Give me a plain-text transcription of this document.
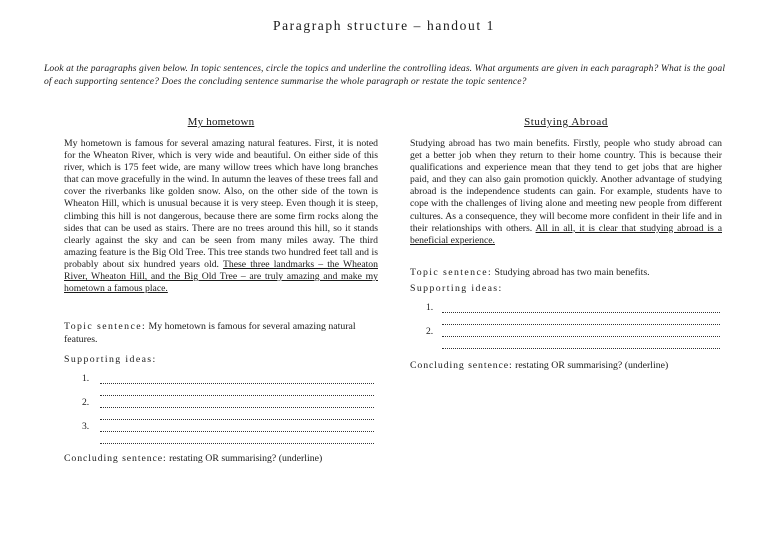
Paragraph structure – handout 1
Look at the paragraphs given below. In topic sentences, circle the topics and underline the controlling ideas. What arguments are given in each paragraph? What is the goal of each supporting sentence? Does the concluding sentence summarise the whole paragraph or restate the topic sentence?
My hometown

My hometown is famous for several amazing natural features. First, it is noted for the Wheaton River, which is very wide and beautiful. On either side of this river, which is 175 feet wide, are many willow trees which have long branches that can move gracefully in the wind. In autumn the leaves of these trees fall and cover the riverbanks like golden snow. Also, on the other side of the town is Wheaton Hill, which is unusual because it is very steep. Even though it is steep, climbing this hill is not dangerous, because there are some firm rocks along the sides that can be used as stairs. There are no trees around this hill, so it stands clearly against the sky and can be seen from many miles away. The third amazing feature is the Big Old Tree. This tree stands two hundred feet tall and is probably about six hundred years old. These three landmarks – the Wheaton River, Wheaton Hill, and the Big Old Tree – are truly amazing and make my hometown a famous place.

Topic sentence: My hometown is famous for several amazing natural features.

Supporting ideas:

1.
2.
3.

Concluding sentence: restating OR summarising? (underline)

Studying Abroad

Studying abroad has two main benefits. Firstly, people who study abroad can get a better job when they return to their home country. This is because their qualifications and experience mean that they tend to get jobs that are higher paid, and they can also gain promotion quickly. Another advantage of studying abroad is the independence students can gain. For example, students have to cope with the challenges of living alone and meeting new people from different cultures. As a consequence, they will become more confident in their life and in their relationships with others. All in all, it is clear that studying abroad is a beneficial experience.

Topic sentence: Studying abroad has two main benefits.

Supporting ideas:

1.
2.

Concluding sentence: restating OR summarising? (underline)
